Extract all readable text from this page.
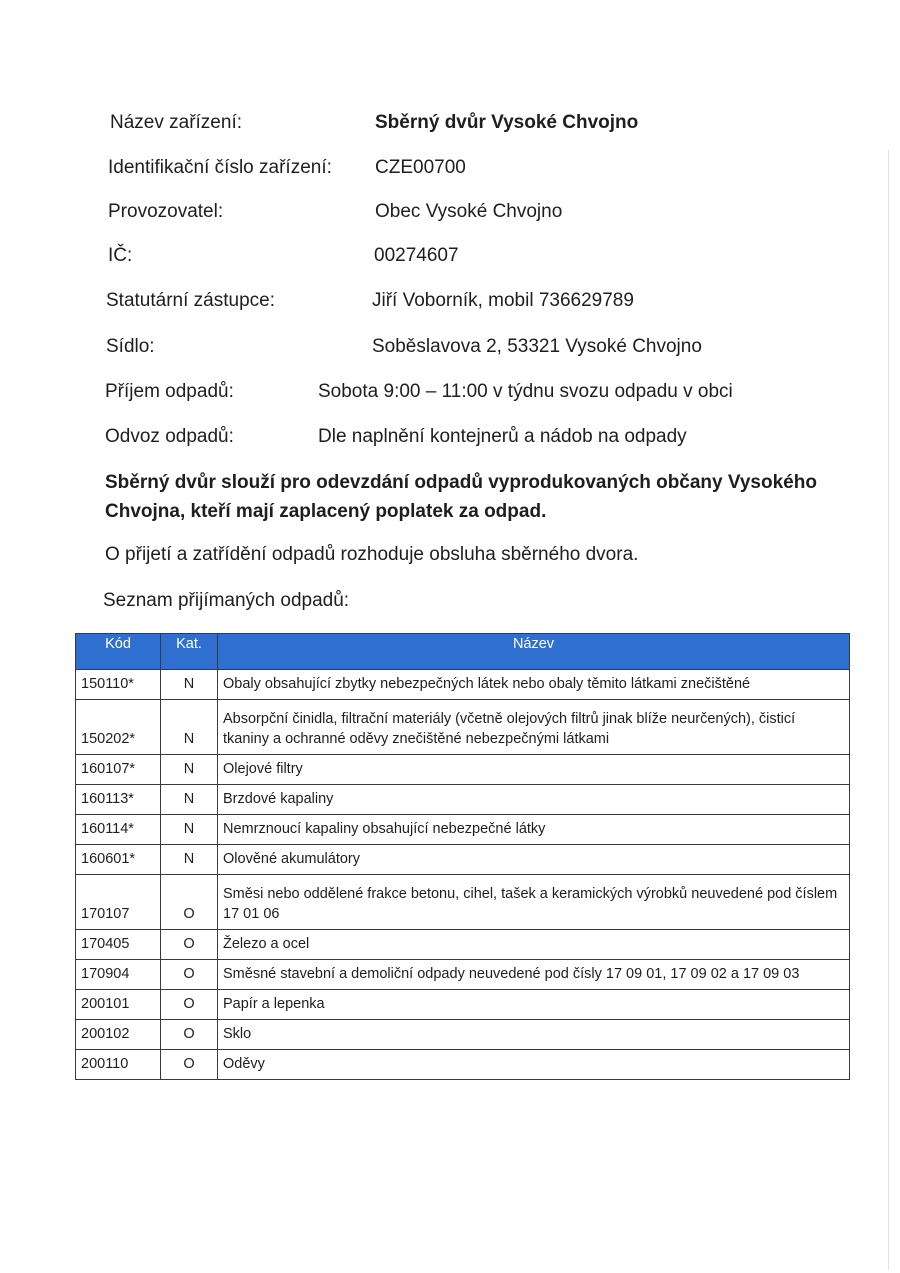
Název zařízení:	Sběrný dvůr Vysoké Chvojno
Identifikační číslo zařízení: CZE00700
Provozovatel:	Obec Vysoké Chvojno
IČ:	00274607
Statutární zástupce:	Jiří Voborník, mobil 736629789
Sídlo:	Soběslavova 2, 53321 Vysoké Chvojno
Příjem odpadů:	Sobota 9:00 – 11:00 v týdnu svozu odpadu v obci
Odvoz odpadů:	Dle naplnění kontejnerů a nádob na odpady
Sběrný dvůr slouží pro odevzdání odpadů vyprodukovaných občany Vysokého Chvojna, kteří mají zaplacený poplatek za odpad.
O přijetí a zatřídění odpadů rozhoduje obsluha sběrného dvora.
Seznam přijímaných odpadů:
Kód	Kat.	Název
150110*	N	Obaly obsahující zbytky nebezpečných látek nebo obaly těmito látkami znečištěné
150202*	N	Absorpční činidla, filtrační materiály (včetně olejových filtrů jinak blíže neurčených), čisticí tkaniny a ochranné oděvy znečištěné nebezpečnými látkami
160107*	N	Olejové filtry
160113*	N	Brzdové kapaliny
160114*	N	Nemrznoucí kapaliny obsahující nebezpečné látky
160601*	N	Olověné akumulátory
170107	O	Směsi nebo oddělené frakce betonu, cihel, tašek a keramických výrobků neuvedené pod číslem 17 01 06
170405	O	Železo a ocel
170904	O	Směsné stavební a demoliční odpady neuvedené pod čísly 17 09 01, 17 09 02 a 17 09 03
200101	O	Papír a lepenka
200102	O	Sklo
200110	O	Oděvy
